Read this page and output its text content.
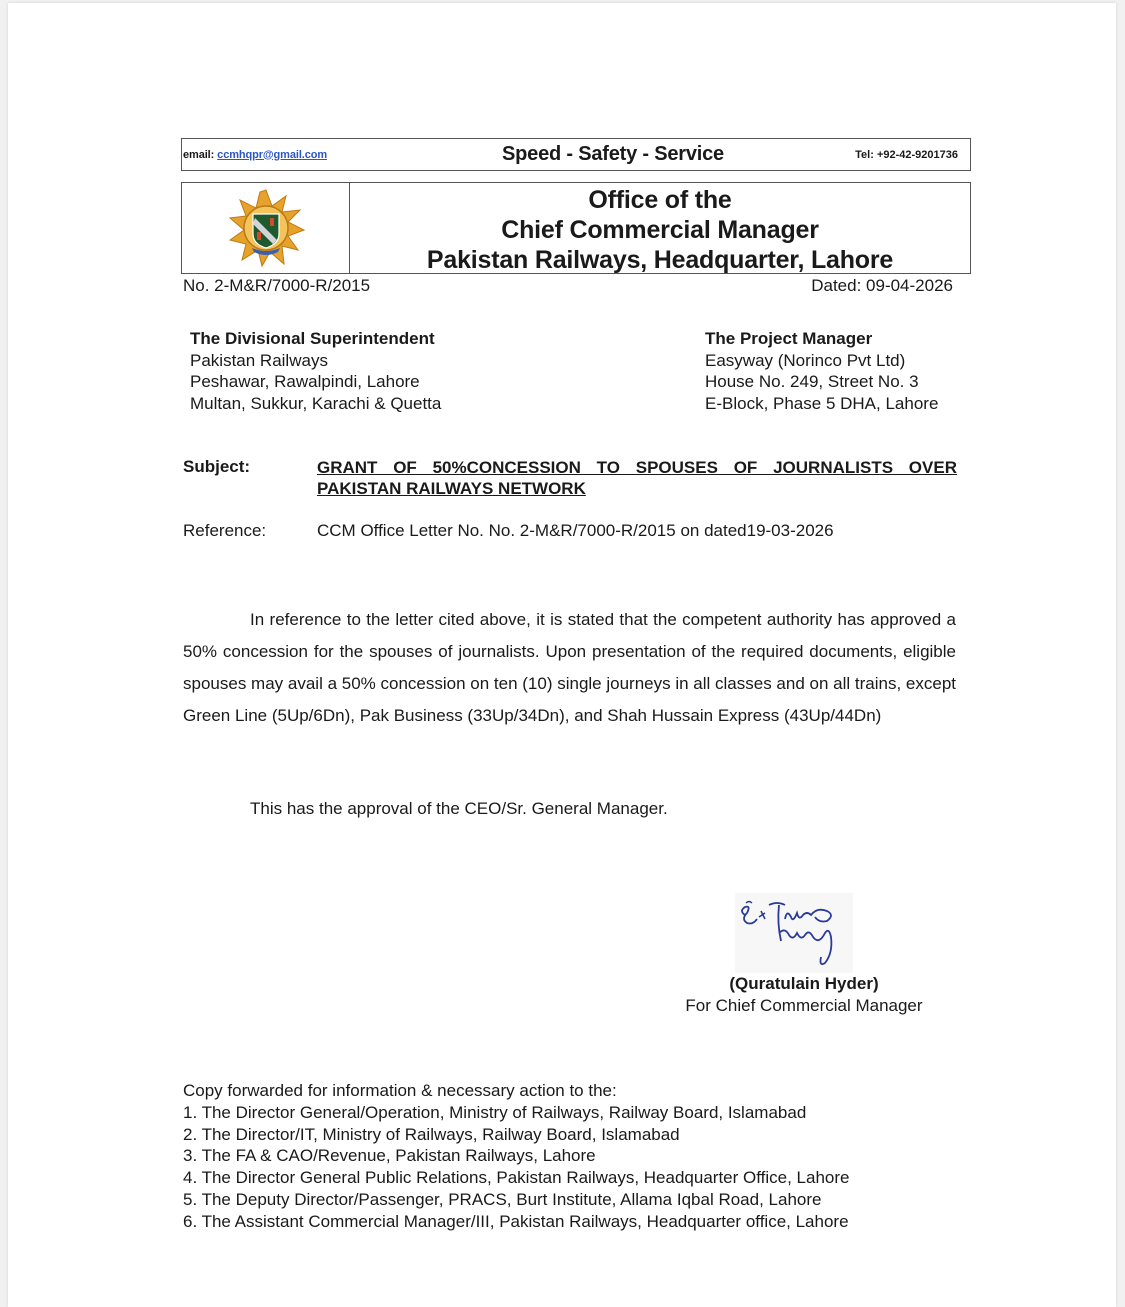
email: ccmhqpr@gmail.com	Speed - Safety - Service	Tel: +92-42-9201736
Office of the
Chief Commercial Manager
Pakistan Railways, Headquarter, Lahore
No. 2-M&R/7000-R/2015	Dated: 09-04-2026
The Divisional Superintendent
Pakistan Railways
Peshawar, Rawalpindi, Lahore
Multan, Sukkur, Karachi & Quetta
The Project Manager
Easyway (Norinco Pvt Ltd)
House No. 249, Street No. 3
E-Block, Phase 5 DHA, Lahore
Subject:	GRANT OF 50%CONCESSION TO SPOUSES OF JOURNALISTS OVER PAKISTAN RAILWAYS NETWORK
Reference:	CCM Office Letter No. No. 2-M&R/7000-R/2015 on dated19-03-2026

In reference to the letter cited above, it is stated that the competent authority has approved a 50% concession for the spouses of journalists. Upon presentation of the required documents, eligible spouses may avail a 50% concession on ten (10) single journeys in all classes and on all trains, except Green Line (5Up/6Dn), Pak Business (33Up/34Dn), and Shah Hussain Express (43Up/44Dn)

This has the approval of the CEO/Sr. General Manager.

(Quratulain Hyder)
For Chief Commercial Manager
Copy forwarded for information & necessary action to the:
1. The Director General/Operation, Ministry of Railways, Railway Board, Islamabad
2. The Director/IT, Ministry of Railways, Railway Board, Islamabad
3. The FA & CAO/Revenue, Pakistan Railways, Lahore
4. The Director General Public Relations, Pakistan Railways, Headquarter Office, Lahore
5. The Deputy Director/Passenger, PRACS, Burt Institute, Allama Iqbal Road, Lahore
6. The Assistant Commercial Manager/III, Pakistan Railways, Headquarter office, Lahore
